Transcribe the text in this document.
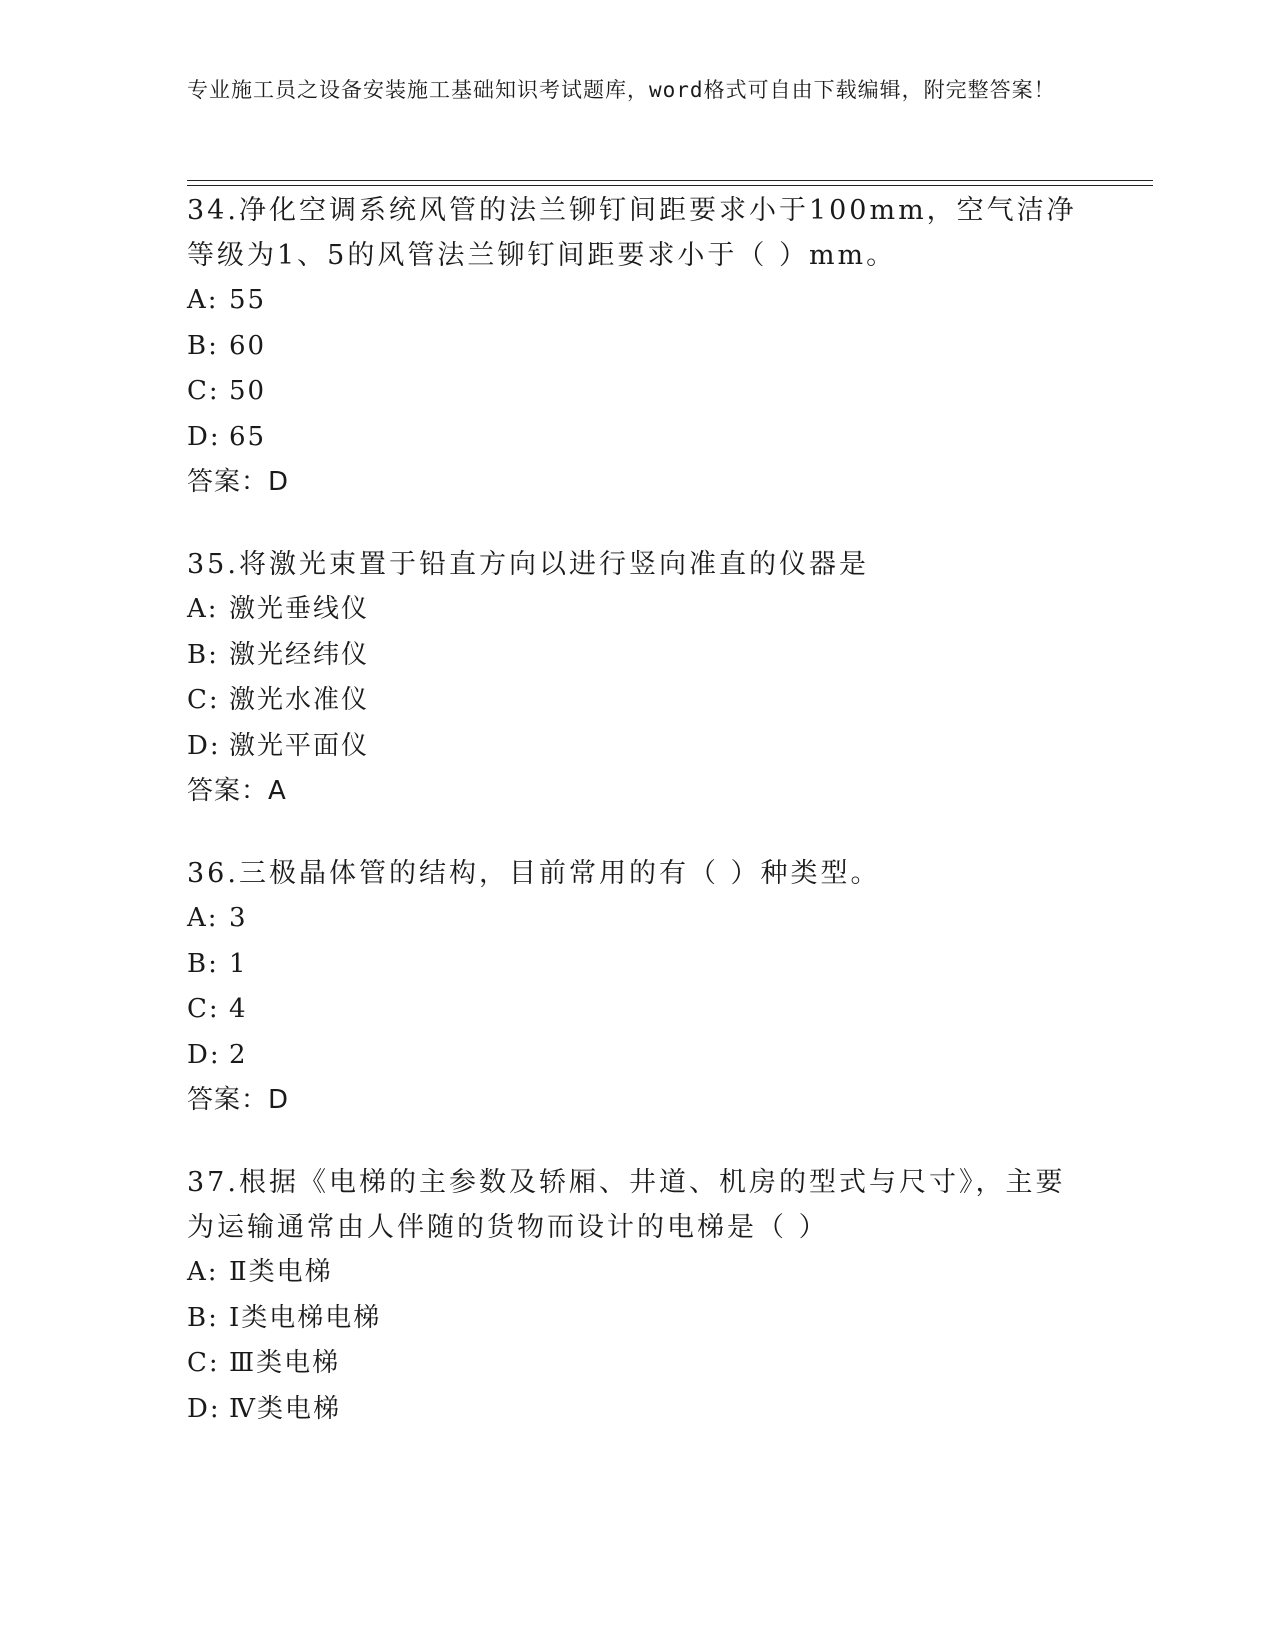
专业施工员之设备安装施工基础知识考试题库，word格式可自由下载编辑，附完整答案！
34.净化空调系统风管的法兰铆钉间距要求小于100mm，空气洁净等级为1、5的风管法兰铆钉间距要求小于（ ）mm。
A: 55
B: 60
C: 50
D: 65
答案：D
35.将激光束置于铅直方向以进行竖向准直的仪器是
A: 激光垂线仪
B: 激光经纬仪
C: 激光水准仪
D: 激光平面仪
答案：A
36.三极晶体管的结构，目前常用的有（ ）种类型。
A: 3
B: 1
C: 4
D: 2
答案：D
37.根据《电梯的主参数及轿厢、井道、机房的型式与尺寸》，主要为运输通常由人伴随的货物而设计的电梯是（ ）
A: Ⅱ类电梯
B: Ⅰ类电梯电梯
C: Ⅲ类电梯
D: Ⅳ类电梯
